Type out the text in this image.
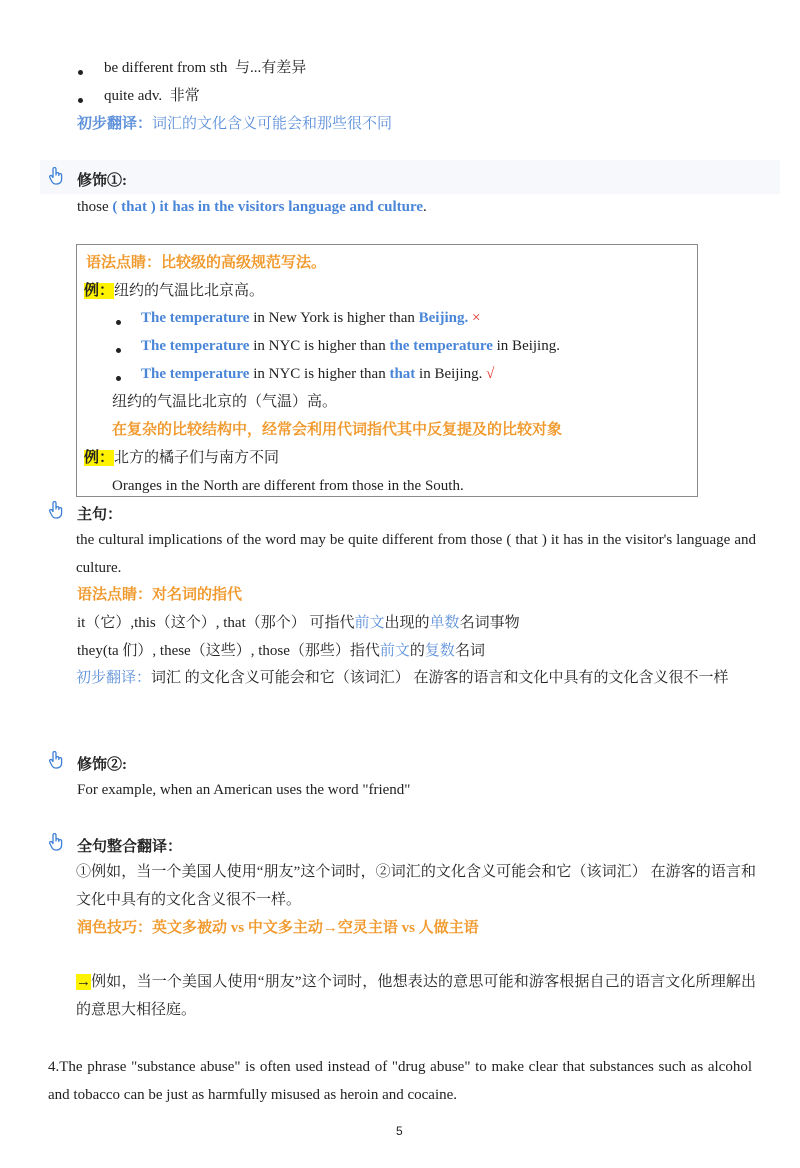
be different from sth 与...有差异
quite adv. 非常
初步翻译：词汇的文化含义可能会和那些很不同
修饰①:
those ( that ) it has in the visitors language and culture.
语法点睛：比较级的高级规范写法。
例：纽约的气温比北京高。
The temperature in New York is higher than Beijing. ×
The temperature in NYC is higher than the temperature in Beijing.
The temperature in NYC is higher than that in Beijing. √
纽约的气温比北京的（气温）高。
在复杂的比较结构中，经常会利用代词指代其中反复提及的比较对象
例：北方的橘子们与南方不同
Oranges in the North are different from those in the South.
主句：
the cultural implications of the word may be quite different from those ( that ) it has in the visitor's language and culture.
语法点睛：对名词的指代
it（它）,this（这个）, that（那个） 可指代前文出现的单数名词事物
they(ta 们）, these（这些）, those（那些）指代前文的复数名词
初步翻译：词汇 的文化含义可能会和它（该词汇） 在游客的语言和文化中具有的文化含义很不一样
修饰②:
For example, when an American uses the word "friend"
全句整合翻译：
①例如，当一个美国人使用“朋友”这个词时，②词汇的文化含义可能会和它（该词汇） 在游客的语言和文化中具有的文化含义很不一样。
润色技巧：英文多被动 vs 中文多主动→空灵主语 vs 人做主语
→例如，当一个美国人使用“朋友”这个词时，他想表达的意思可能和游客根据自己的语言文化所理解出的意思大相径庭。
4.The phrase "substance abuse" is often used instead of "drug abuse" to make clear that substances such as alcohol and tobacco can be just as harmfully misused as heroin and cocaine.
5
